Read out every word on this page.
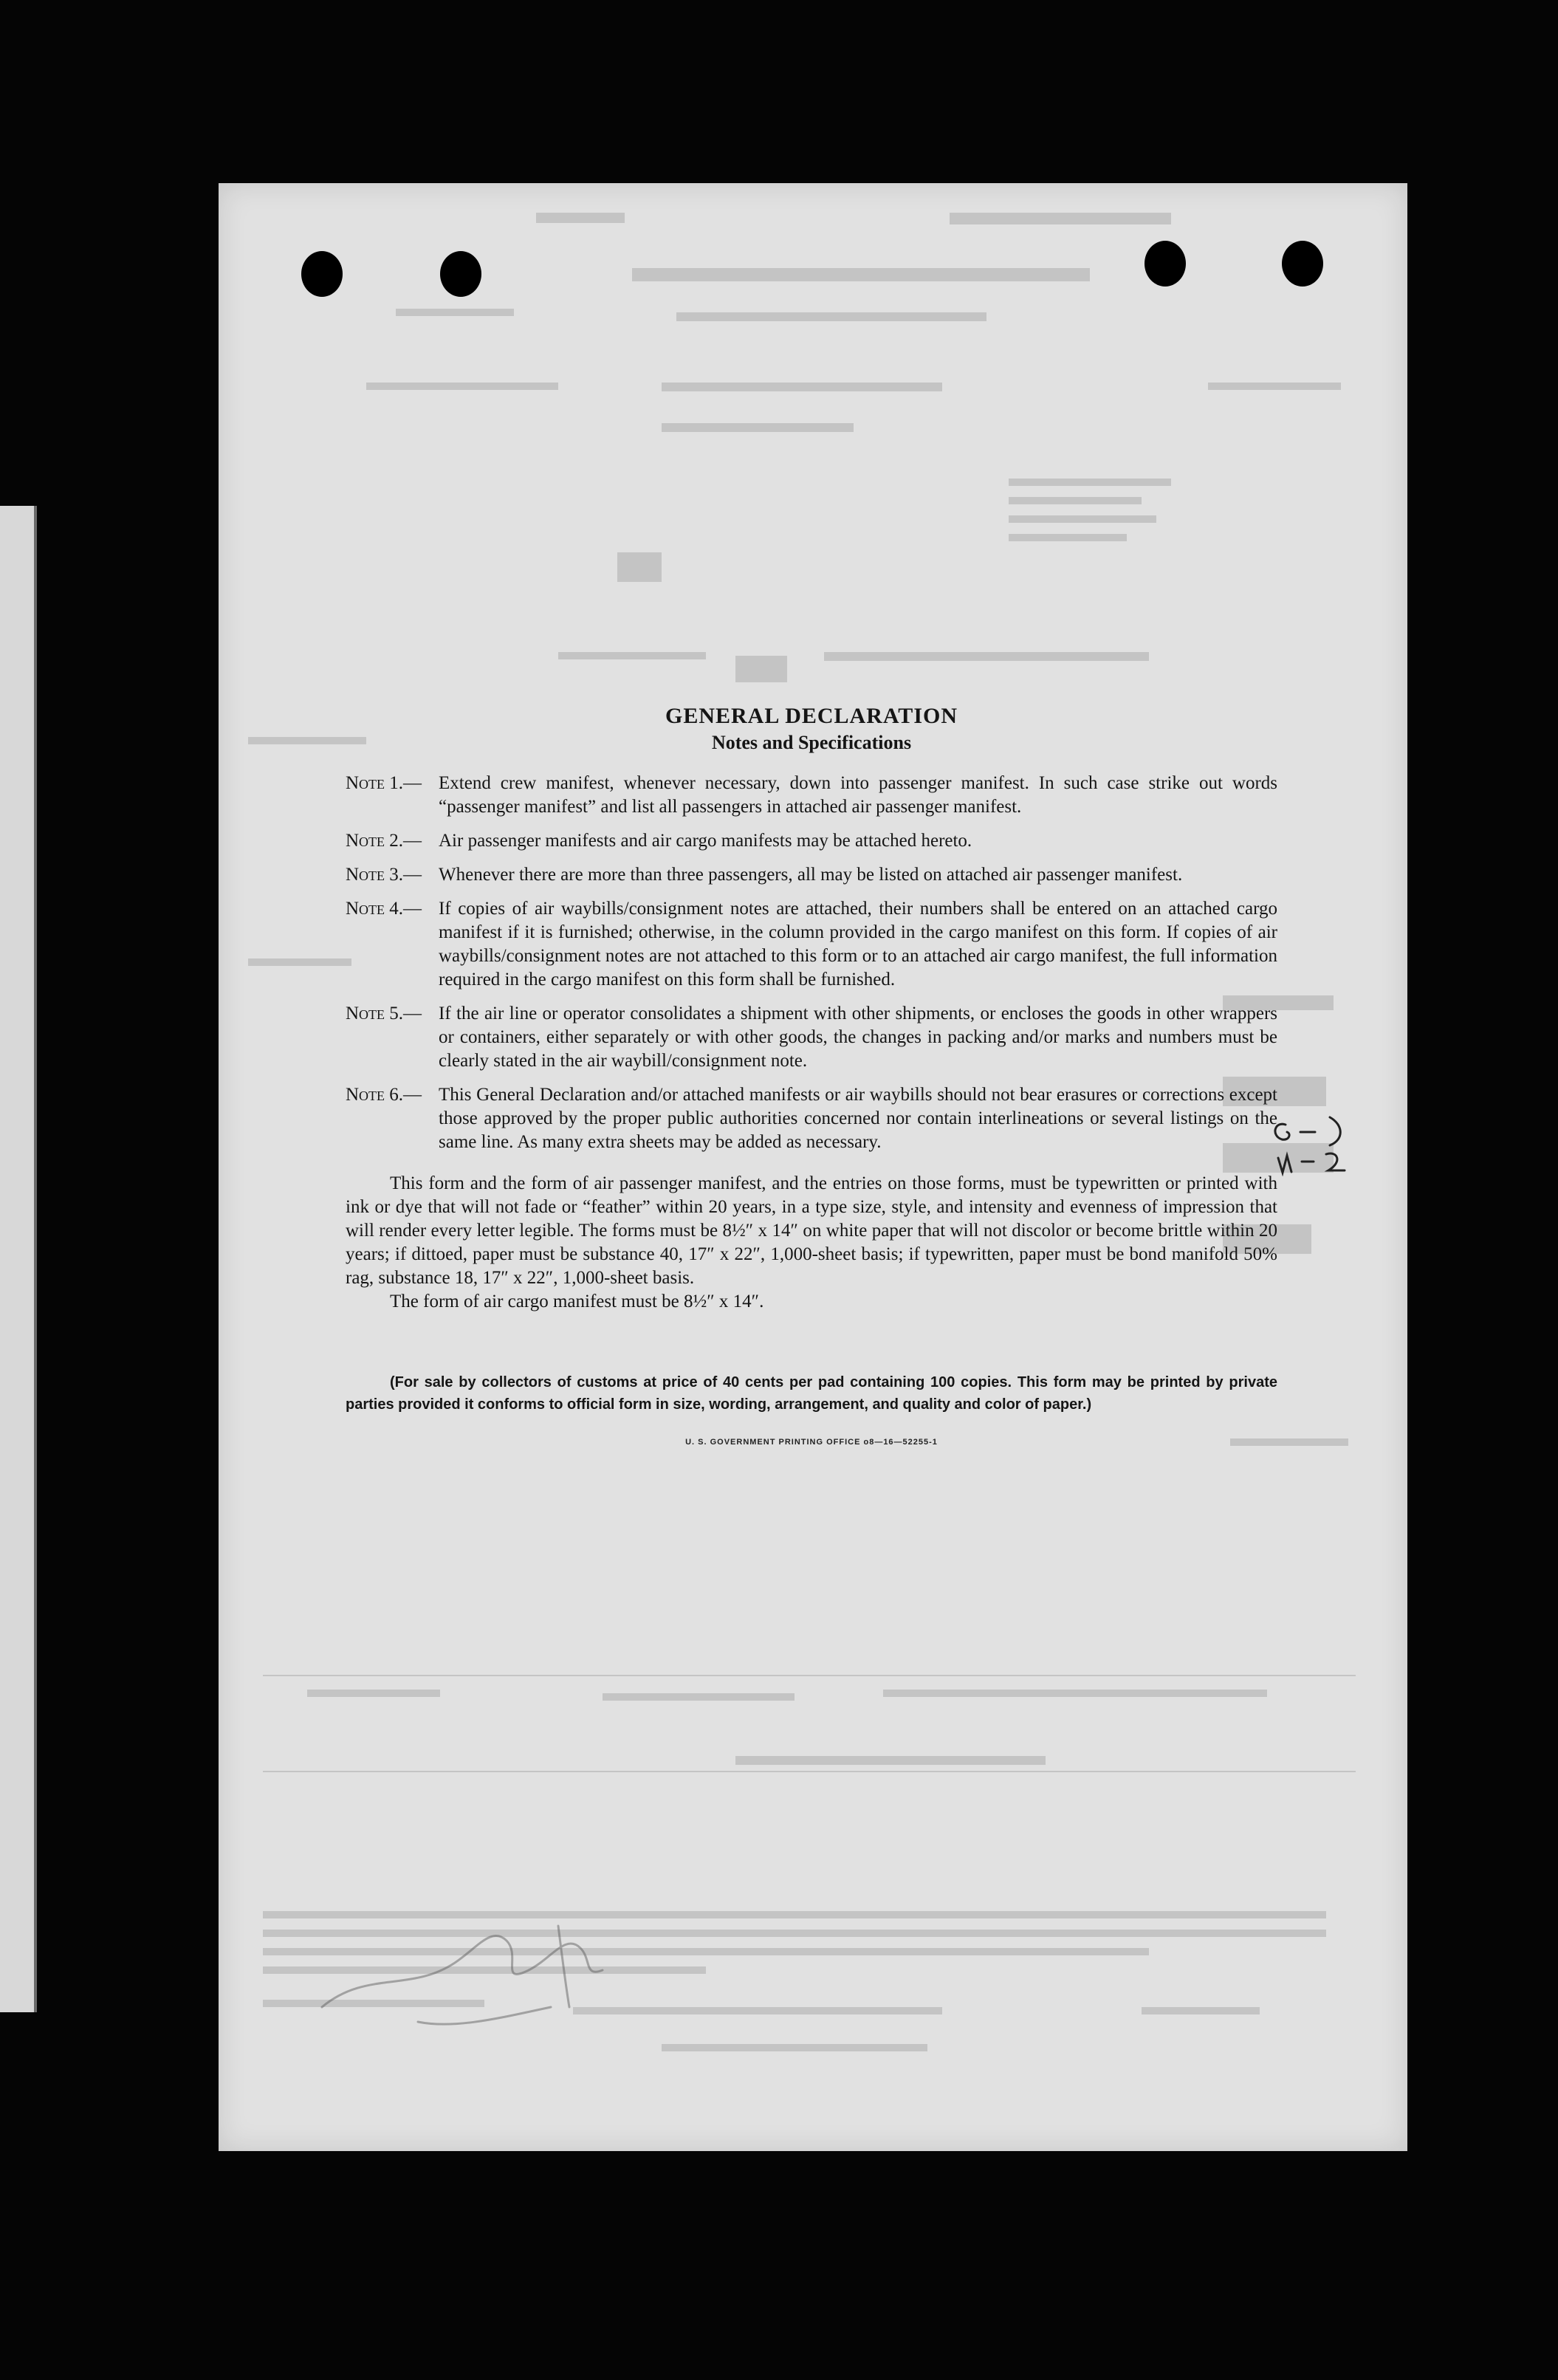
GENERAL DECLARATION
Notes and Specifications
Note 1.— Extend crew manifest, whenever necessary, down into passenger manifest. In such case strike out words “passenger manifest” and list all passengers in attached air passenger manifest.
Note 2.— Air passenger manifests and air cargo manifests may be attached hereto.
Note 3.— Whenever there are more than three passengers, all may be listed on attached air passenger manifest.
Note 4.— If copies of air waybills/consignment notes are attached, their numbers shall be entered on an attached cargo manifest if it is furnished; otherwise, in the column provided in the cargo manifest on this form. If copies of air waybills/consignment notes are not attached to this form or to an attached air cargo manifest, the full information required in the cargo manifest on this form shall be furnished.
Note 5.— If the air line or operator consolidates a shipment with other shipments, or encloses the goods in other wrappers or containers, either separately or with other goods, the changes in packing and/or marks and numbers must be clearly stated in the air waybill/consignment note.
Note 6.— This General Declaration and/or attached manifests or air waybills should not bear erasures or corrections except those approved by the proper public authorities concerned nor contain interlineations or several listings on the same line. As many extra sheets may be added as necessary.
This form and the form of air passenger manifest, and the entries on those forms, must be typewritten or printed with ink or dye that will not fade or “feather” within 20 years, in a type size, style, and intensity and evenness of impression that will render every letter legible. The forms must be 8½″ x 14″ on white paper that will not discolor or become brittle within 20 years; if dittoed, paper must be substance 40, 17″ x 22″, 1,000-sheet basis; if typewritten, paper must be bond manifold 50% rag, substance 18, 17″ x 22″, 1,000-sheet basis.
The form of air cargo manifest must be 8½″ x 14″.
(For sale by collectors of customs at price of 40 cents per pad containing 100 copies. This form may be printed by private parties provided it conforms to official form in size, wording, arrangement, and quality and color of paper.)
U. S. GOVERNMENT PRINTING OFFICE o8—16—52255-1
